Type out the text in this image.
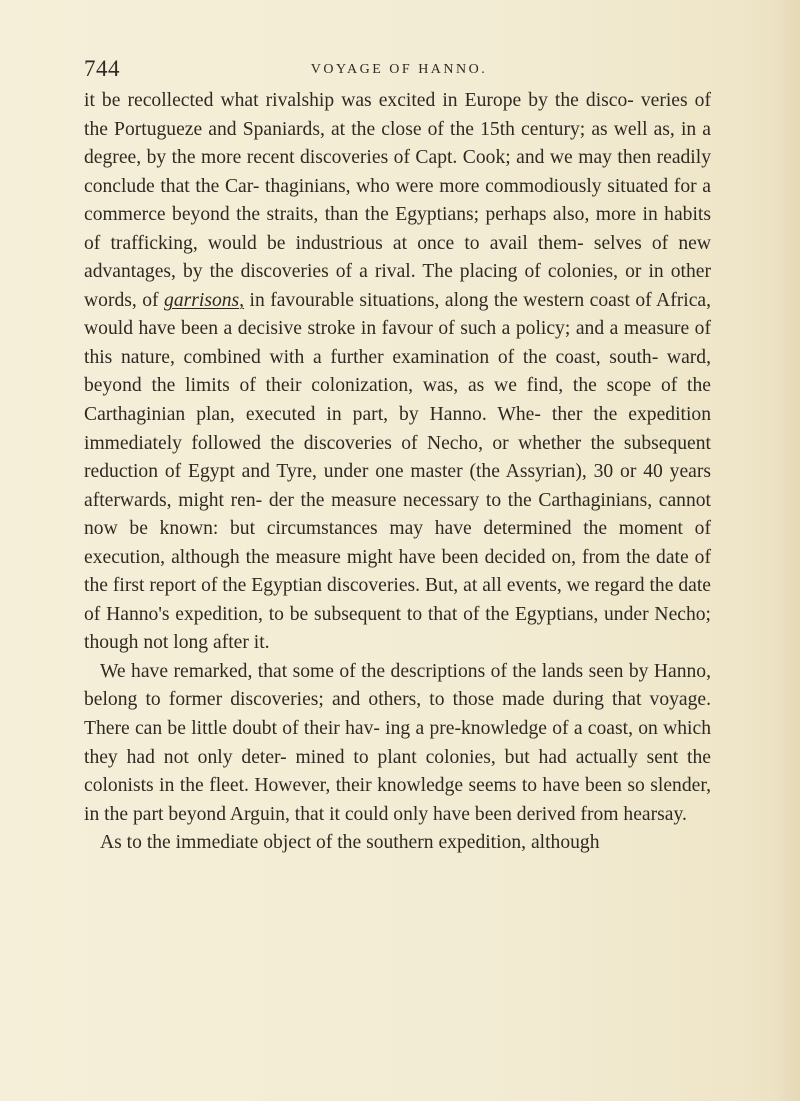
744	VOYAGE OF HANNO.

it be recollected what rivalship was excited in Europe by the disco- veries of the Portugueze and Spaniards, at the close of the 15th century; as well as, in a degree, by the more recent discoveries of Capt. Cook; and we may then readily conclude that the Car- thaginians, who were more commodiously situated for a commerce beyond the straits, than the Egyptians; perhaps also, more in habits of trafficking, would be industrious at once to avail them- selves of new advantages, by the discoveries of a rival. The placing of colonies, or in other words, of garrisons, in favourable situations, along the western coast of Africa, would have been a decisive stroke in favour of such a policy; and a measure of this nature, combined with a further examination of the coast, south- ward, beyond the limits of their colonization, was, as we find, the scope of the Carthaginian plan, executed in part, by Hanno. Whe- ther the expedition immediately followed the discoveries of Necho, or whether the subsequent reduction of Egypt and Tyre, under one master (the Assyrian), 30 or 40 years afterwards, might ren- der the measure necessary to the Carthaginians, cannot now be known: but circumstances may have determined the moment of execution, although the measure might have been decided on, from the date of the first report of the Egyptian discoveries. But, at all events, we regard the date of Hanno's expedition, to be subsequent to that of the Egyptians, under Necho; though not long after it.

We have remarked, that some of the descriptions of the lands seen by Hanno, belong to former discoveries; and others, to those made during that voyage. There can be little doubt of their hav- ing a pre-knowledge of a coast, on which they had not only deter- mined to plant colonies, but had actually sent the colonists in the fleet. However, their knowledge seems to have been so slender, in the part beyond Arguin, that it could only have been derived from hearsay.

As to the immediate object of the southern expedition, although
